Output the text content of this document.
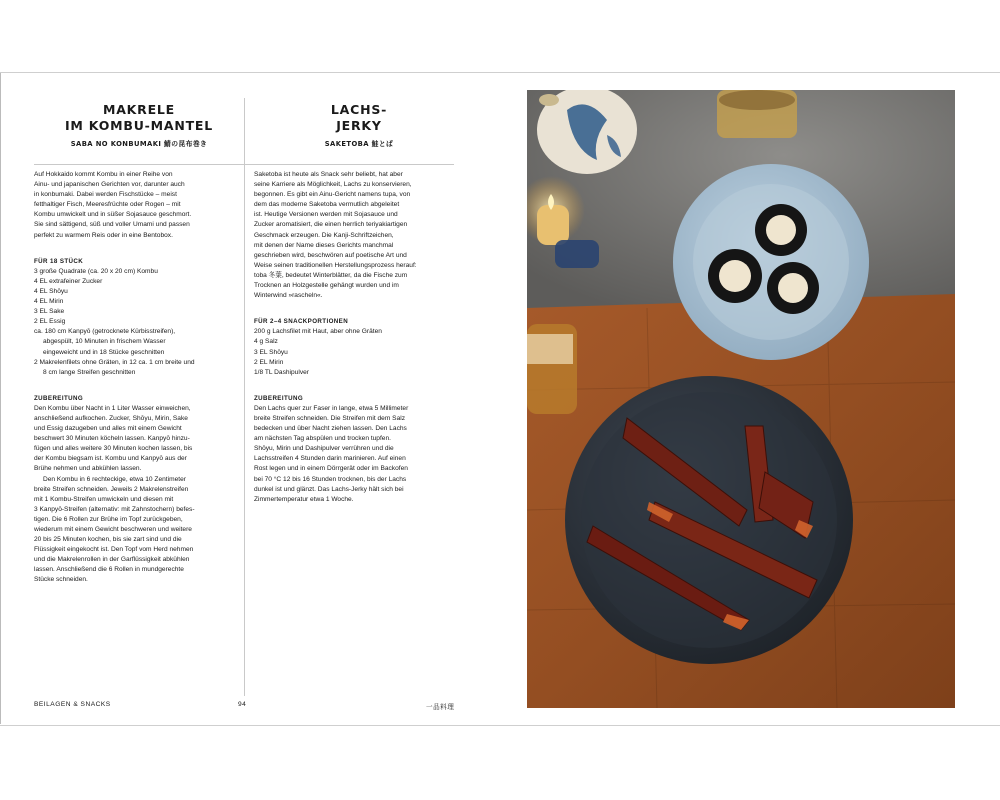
MAKRELE
IM KOMBU-MANTEL
SABA NO KONBUMAKI 鯖の昆布巻き
LACHS-
JERKY
SAKETOBA 鮭とば

Auf Hokkaido kommt Kombu in einer Reihe von

Ainu- und japanischen Gerichten vor, darunter auch

in konbumaki. Dabei werden Fischstücke – meist

fetthaltiger Fisch, Meeresfrüchte oder Rogen – mit

Kombu umwickelt und in süßer Sojasauce geschmort.

Sie sind sättigend, süß und voller Umami und passen

perfekt zu warmem Reis oder in eine Bentobox.

FÜR 18 STÜCK

3 große Quadrate (ca. 20 x 20 cm) Kombu

4 EL extrafeiner Zucker

4 EL Shōyu

4 EL Mirin

3 EL Sake

2 EL Essig

ca. 180 cm Kanpyō (getrocknete Kürbisstreifen),

abgespült, 10 Minuten in frischem Wasser

eingeweicht und in 18 Stücke geschnitten

2 Makrelenfilets ohne Gräten, in 12 ca. 1 cm breite und

8 cm lange Streifen geschnitten

ZUBEREITUNG

Den Kombu über Nacht in 1 Liter Wasser einweichen,

anschließend aufkochen. Zucker, Shōyu, Mirin, Sake

und Essig dazugeben und alles mit einem Gewicht

beschwert 30 Minuten köcheln lassen. Kanpyō hinzu-

fügen und alles weitere 30 Minuten kochen lassen, bis

der Kombu biegsam ist. Kombu und Kanpyō aus der

Brühe nehmen und abkühlen lassen.

Den Kombu in 6 rechteckige, etwa 10 Zentimeter

breite Streifen schneiden. Jeweils 2 Makrelenstreifen

mit 1 Kombu-Streifen umwickeln und diesen mit

3 Kanpyō-Streifen (alternativ: mit Zahnstochern) befes-

tigen. Die 6 Rollen zur Brühe im Topf zurückgeben,

wiederum mit einem Gewicht beschweren und weitere

20 bis 25 Minuten kochen, bis sie zart sind und die

Flüssigkeit eingekocht ist. Den Topf vom Herd nehmen

und die Makrelenrollen in der Garflüssigkeit abkühlen

lassen. Anschließend die 6 Rollen in mundgerechte

Stücke schneiden.

Saketoba ist heute als Snack sehr beliebt, hat aber

seine Karriere als Möglichkeit, Lachs zu konservieren,

begonnen. Es gibt ein Ainu-Gericht namens tupa, von

dem das moderne Saketoba vermutlich abgeleitet

ist. Heutige Versionen werden mit Sojasauce und

Zucker aromatisiert, die einen herrlich teriyakiartigen

Geschmack erzeugen. Die Kanji-Schriftzeichen,

mit denen der Name dieses Gerichts manchmal

geschrieben wird, beschwören auf poetische Art und

Weise seinen traditionellen Herstellungsprozess herauf:

toba 冬葉, bedeutet Winterblätter, da die Fische zum

Trocknen an Holzgestelle gehängt wurden und im

Winterwind »rascheln«.

FÜR 2–4 SNACKPORTIONEN

200 g Lachsfilet mit Haut, aber ohne Gräten

4 g Salz

3 EL Shōyu

2 EL Mirin

1/8 TL Dashipulver

ZUBEREITUNG

Den Lachs quer zur Faser in lange, etwa 5 Millimeter

breite Streifen schneiden. Die Streifen mit dem Salz

bedecken und über Nacht ziehen lassen. Den Lachs

am nächsten Tag abspülen und trocken tupfen.

Shōyu, Mirin und Dashipulver verrühren und die

Lachsstreifen 4 Stunden darin marinieren. Auf einen

Rost legen und in einem Dörrgerät oder im Backofen

bei 70 °C 12 bis 16 Stunden trocknen, bis der Lachs

dunkel ist und glänzt. Das Lachs-Jerky hält sich bei

Zimmertemperatur etwa 1 Woche.

BEILAGEN & SNACKS	94	一品料理
